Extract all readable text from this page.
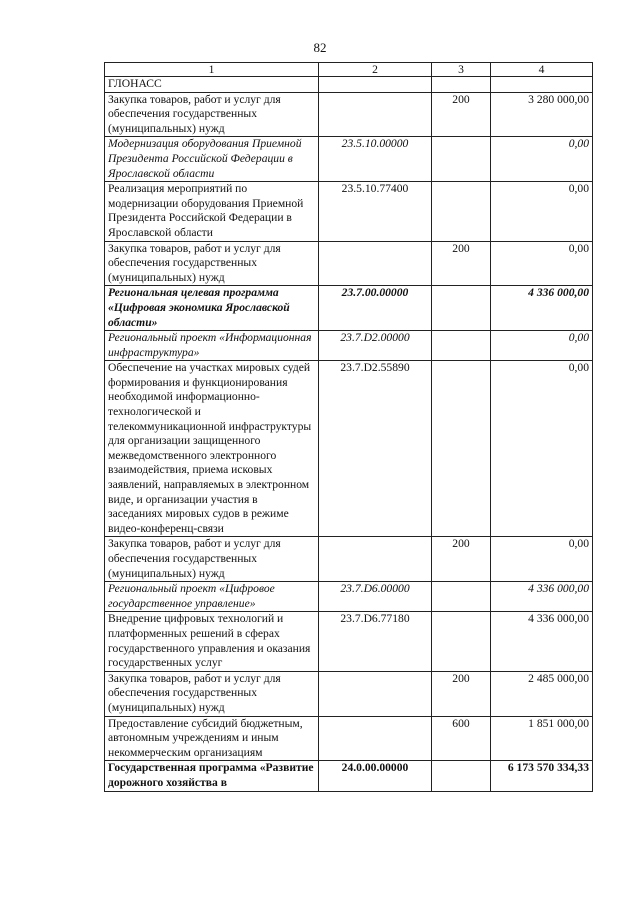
82
1	2	3	4
ГЛОНАСС			
Закупка товаров, работ и услуг для обеспечения государственных (муниципальных) нужд		200	3 280 000,00
Модернизация оборудования Приемной Президента Российской Федерации в Ярославской области	23.5.10.00000		0,00
Реализация мероприятий по модернизации оборудования Приемной Президента Российской Федерации в Ярославской области	23.5.10.77400		0,00
Закупка товаров, работ и услуг для обеспечения государственных (муниципальных) нужд		200	0,00
Региональная целевая программа «Цифровая экономика Ярославской области»	23.7.00.00000		4 336 000,00
Региональный проект «Информационная инфраструктура»	23.7.D2.00000		0,00
Обеспечение на участках мировых судей формирования и функционирования необходимой информационно-технологической и телекоммуникационной инфраструктуры для организации защищенного межведомственного электронного взаимодействия, приема исковых заявлений, направляемых в электронном виде, и организации участия в заседаниях мировых судов в режиме видео-конференц-связи	23.7.D2.55890		0,00
Закупка товаров, работ и услуг для обеспечения государственных (муниципальных) нужд		200	0,00
Региональный проект «Цифровое государственное управление»	23.7.D6.00000		4 336 000,00
Внедрение цифровых технологий и платформенных решений в сферах государственного управления и оказания государственных услуг	23.7.D6.77180		4 336 000,00
Закупка товаров, работ и услуг для обеспечения государственных (муниципальных) нужд		200	2 485 000,00
Предоставление субсидий бюджетным, автономным учреждениям и иным некоммерческим организациям		600	1 851 000,00
Государственная программа «Развитие дорожного хозяйства в	24.0.00.00000		6 173 570 334,33
